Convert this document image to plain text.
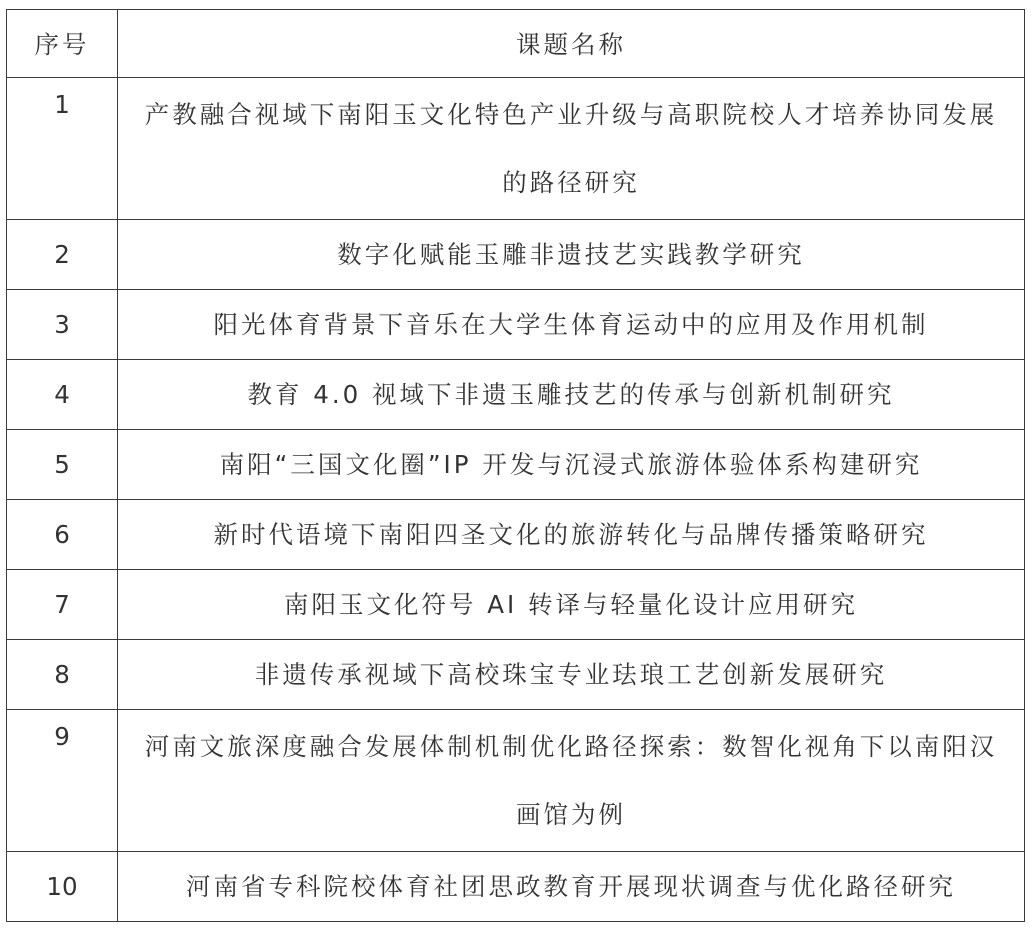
序号	课题名称
1	产教融合视域下南阳玉文化特色产业升级与高职院校人才培养协同发展的路径研究
2	数字化赋能玉雕非遗技艺实践教学研究
3	阳光体育背景下音乐在大学生体育运动中的应用及作用机制
4	教育 4.0 视域下非遗玉雕技艺的传承与创新机制研究
5	南阳“三国文化圈”IP 开发与沉浸式旅游体验体系构建研究
6	新时代语境下南阳四圣文化的旅游转化与品牌传播策略研究
7	南阳玉文化符号 AI 转译与轻量化设计应用研究
8	非遗传承视域下高校珠宝专业珐琅工艺创新发展研究
9	河南文旅深度融合发展体制机制优化路径探索：数智化视角下以南阳汉画馆为例
10	河南省专科院校体育社团思政教育开展现状调查与优化路径研究
